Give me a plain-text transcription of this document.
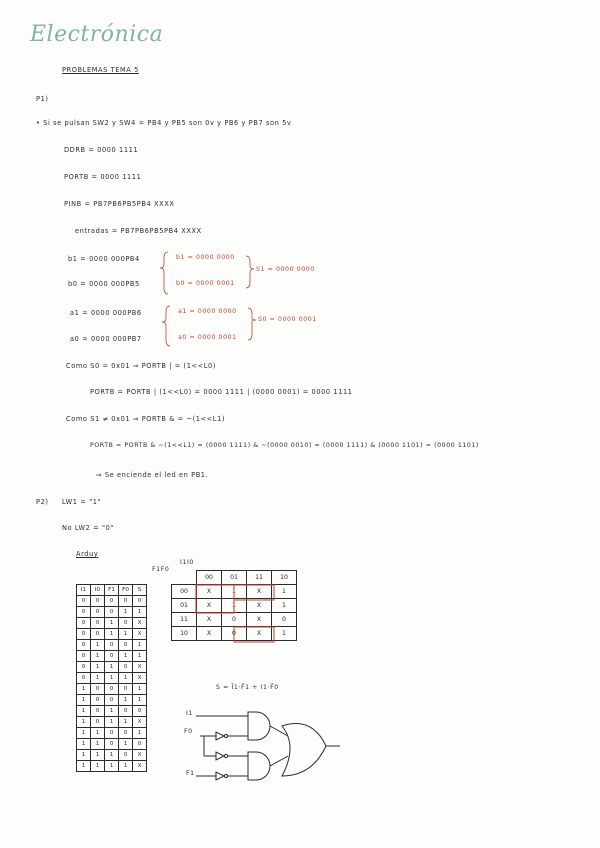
Electrónica
PROBLEMAS TEMA 5
P1)
• Si se pulsan SW2 y SW4 = PB4 y PB5 son 0v y PB6 y PB7 son 5v
DDRB = 0000 1111
PORTB = 0000 1111
PINB = PB7PB6PB5PB4 XXXX
entradas = PB7PB6PB5PB4 XXXX
b1 = 0000 000PB4
b0 = 0000 000PB5
a1 = 0000 000PB6
a0 = 0000 000PB7
b1 = 0000 0000
b0 = 0000 0001
a1 = 0000 0000
a0 = 0000 0001
S1 = 0000 0000
S0 = 0000 0001
Como S0 = 0x01 ⇒ PORTB | = (1<<L0)
PORTB = PORTB | (1<<L0) = 0000 1111 | (0000 0001) = 0000 1111
Como S1 ≠ 0x01 ⇒ PORTB & = ~(1<<L1)
PORTB = PORTB & ~(1<<L1) = (0000 1111) & ~(0000 0010) = (0000 1111) & (0000 1101) = (0000 1101)
⇒ Se enciende el led en PB1.
P2) LW1 = "1"
No LW2 = "0"
Arduy
I1	I0	F1	F0	S
0	0	0	0	0
0	0	0	1	1
0	0	1	0	X
0	0	1	1	X
0	1	0	0	1
0	1	0	1	1
0	1	1	0	X
0	1	1	1	X
1	0	0	0	1
1	0	0	1	1
1	0	1	0	0
1	0	1	1	X
1	1	0	0	1
1	1	0	1	0
1	1	1	0	X
1	1	1	1	X
F1F0
I1I0
	00	01	11	10
00	X	1	X	1
01	X	1	X	1
11	X	0	X	0
10	X	0	X	1
S = Ī1·F̄1 + I1·F̄0
I1
F0
F1
